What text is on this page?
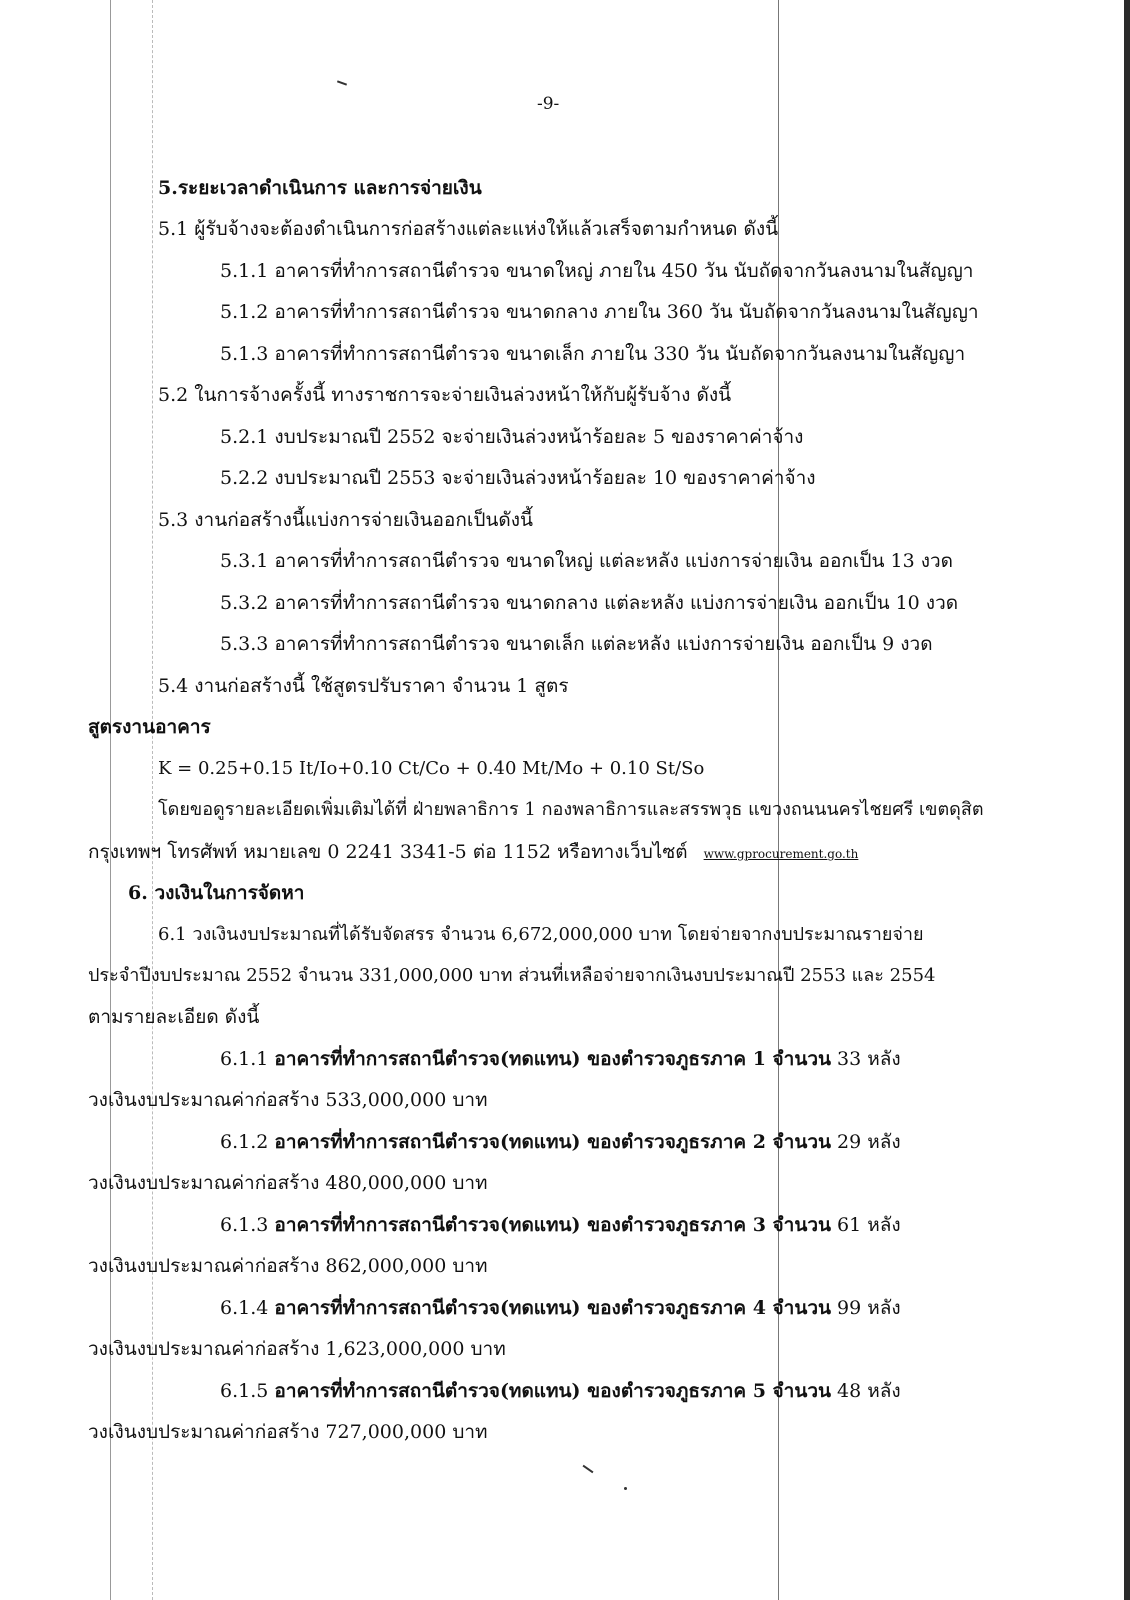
-9-
5.ระยะเวลาดำเนินการ และการจ่ายเงิน
5.1 ผู้รับจ้างจะต้องดำเนินการก่อสร้างแต่ละแห่งให้แล้วเสร็จตามกำหนด ดังนี้
5.1.1 อาคารที่ทำการสถานีตำรวจ ขนาดใหญ่ ภายใน 450 วัน นับถัดจากวันลงนามในสัญญา
5.1.2 อาคารที่ทำการสถานีตำรวจ ขนาดกลาง ภายใน 360 วัน นับถัดจากวันลงนามในสัญญา
5.1.3 อาคารที่ทำการสถานีตำรวจ ขนาดเล็ก ภายใน 330 วัน นับถัดจากวันลงนามในสัญญา
5.2 ในการจ้างครั้งนี้ ทางราชการจะจ่ายเงินล่วงหน้าให้กับผู้รับจ้าง ดังนี้
5.2.1 งบประมาณปี 2552 จะจ่ายเงินล่วงหน้าร้อยละ 5 ของราคาค่าจ้าง
5.2.2 งบประมาณปี 2553 จะจ่ายเงินล่วงหน้าร้อยละ 10 ของราคาค่าจ้าง
5.3 งานก่อสร้างนี้แบ่งการจ่ายเงินออกเป็นดังนี้
5.3.1 อาคารที่ทำการสถานีตำรวจ ขนาดใหญ่ แต่ละหลัง แบ่งการจ่ายเงิน ออกเป็น 13 งวด
5.3.2 อาคารที่ทำการสถานีตำรวจ ขนาดกลาง แต่ละหลัง แบ่งการจ่ายเงิน ออกเป็น 10 งวด
5.3.3 อาคารที่ทำการสถานีตำรวจ ขนาดเล็ก แต่ละหลัง แบ่งการจ่ายเงิน ออกเป็น 9 งวด
5.4 งานก่อสร้างนี้ ใช้สูตรปรับราคา จำนวน 1 สูตร
สูตรงานอาคาร
K = 0.25+0.15 It/Io+0.10 Ct/Co + 0.40 Mt/Mo + 0.10 St/So
โดยขอดูรายละเอียดเพิ่มเติมได้ที่ ฝ่ายพลาธิการ 1 กองพลาธิการและสรรพวุธ แขวงถนนนครไชยศรี เขตดุสิต
กรุงเทพฯ โทรศัพท์ หมายเลข 0 2241 3341-5 ต่อ 1152 หรือทางเว็บไซต์ www.gprocurement.go.th
6. วงเงินในการจัดหา
6.1 วงเงินงบประมาณที่ได้รับจัดสรร จำนวน 6,672,000,000 บาท โดยจ่ายจากงบประมาณรายจ่าย
ประจำปีงบประมาณ 2552 จำนวน 331,000,000 บาท ส่วนที่เหลือจ่ายจากเงินงบประมาณปี 2553 และ 2554
ตามรายละเอียด ดังนี้
6.1.1 อาคารที่ทำการสถานีตำรวจ(ทดแทน) ของตำรวจภูธรภาค 1 จำนวน 33 หลัง
วงเงินงบประมาณค่าก่อสร้าง 533,000,000 บาท
6.1.2 อาคารที่ทำการสถานีตำรวจ(ทดแทน) ของตำรวจภูธรภาค 2 จำนวน 29 หลัง
วงเงินงบประมาณค่าก่อสร้าง 480,000,000 บาท
6.1.3 อาคารที่ทำการสถานีตำรวจ(ทดแทน) ของตำรวจภูธรภาค 3 จำนวน 61 หลัง
วงเงินงบประมาณค่าก่อสร้าง 862,000,000 บาท
6.1.4 อาคารที่ทำการสถานีตำรวจ(ทดแทน) ของตำรวจภูธรภาค 4 จำนวน 99 หลัง
วงเงินงบประมาณค่าก่อสร้าง 1,623,000,000 บาท
6.1.5 อาคารที่ทำการสถานีตำรวจ(ทดแทน) ของตำรวจภูธรภาค 5 จำนวน 48 หลัง
วงเงินงบประมาณค่าก่อสร้าง 727,000,000 บาท
